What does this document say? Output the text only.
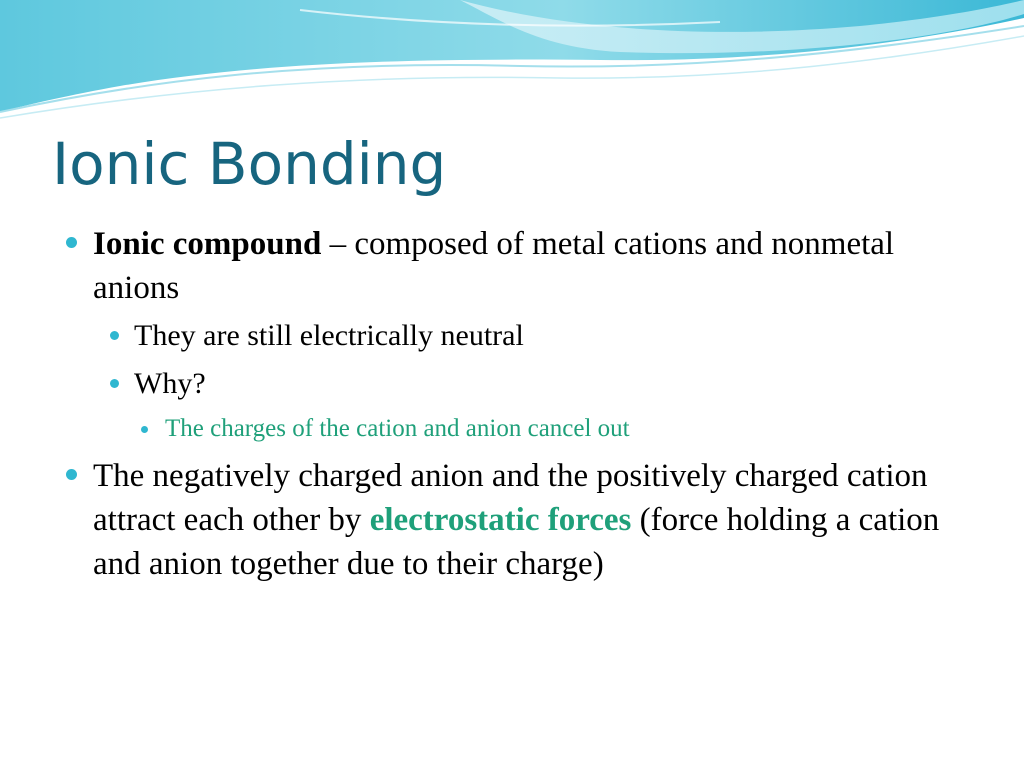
Ionic Bonding
Ionic compound – composed of metal cations and nonmetal anions
They are still electrically neutral
Why?
The charges of the cation and anion cancel out
The negatively charged anion and the positively charged cation attract each other by electrostatic forces (force holding a cation and anion together due to their charge)
